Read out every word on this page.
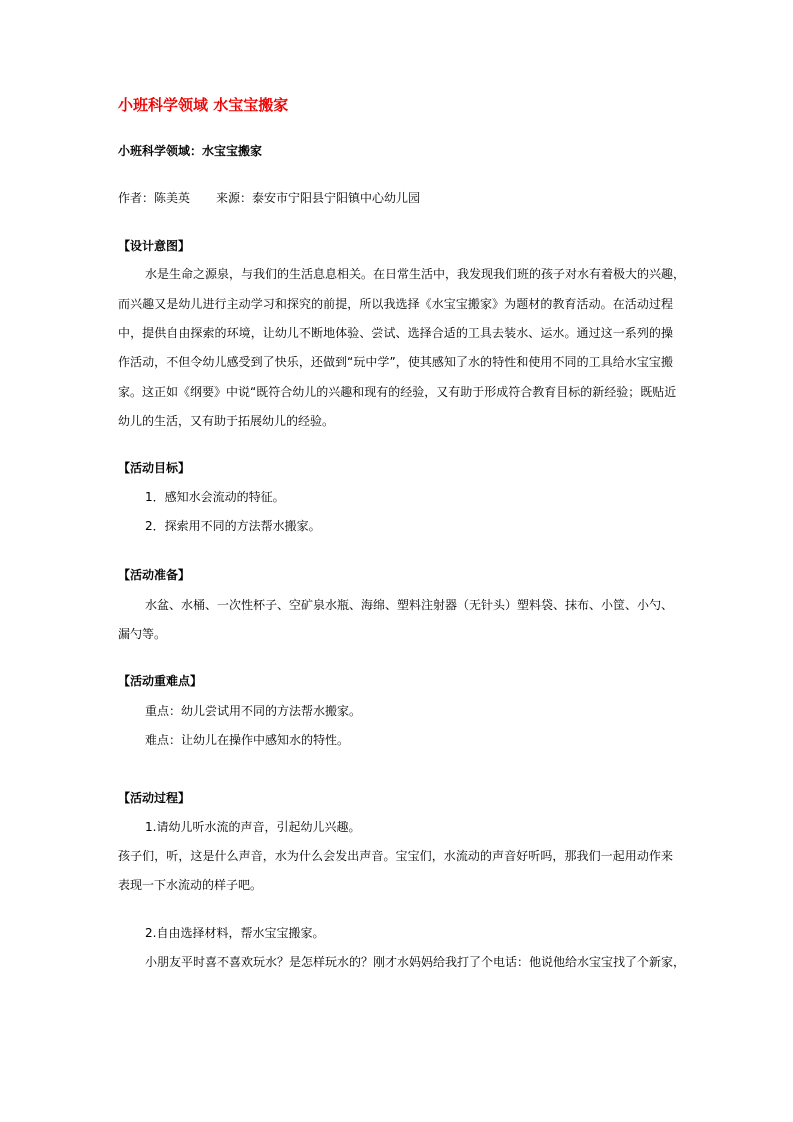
小班科学领域 水宝宝搬家
小班科学领域：水宝宝搬家
作者：陈美英 来源：泰安市宁阳县宁阳镇中心幼儿园
【设计意图】
水是生命之源泉，与我们的生活息息相关。在日常生活中，我发现我们班的孩子对水有着极大的兴趣，
而兴趣又是幼儿进行主动学习和探究的前提，所以我选择《水宝宝搬家》为题材的教育活动。在活动过程
中，提供自由探索的环境，让幼儿不断地体验、尝试、选择合适的工具去装水、运水。通过这一系列的操
作活动，不但令幼儿感受到了快乐，还做到“玩中学”，使其感知了水的特性和使用不同的工具给水宝宝搬
家。这正如《纲要》中说“既符合幼儿的兴趣和现有的经验，又有助于形成符合教育目标的新经验；既贴近
幼儿的生活，又有助于拓展幼儿的经验。
【活动目标】
1．感知水会流动的特征。
2．探索用不同的方法帮水搬家。
【活动准备】
水盆、水桶、一次性杯子、空矿泉水瓶、海绵、塑料注射器（无针头）塑料袋、抹布、小筐、小勺、
漏勺等。
【活动重难点】
重点：幼儿尝试用不同的方法帮水搬家。
难点：让幼儿在操作中感知水的特性。
【活动过程】
1.请幼儿听水流的声音，引起幼儿兴趣。
孩子们，听，这是什么声音，水为什么会发出声音。宝宝们，水流动的声音好听吗，那我们一起用动作来
表现一下水流动的样子吧。
2.自由选择材料，帮水宝宝搬家。
小朋友平时喜不喜欢玩水？是怎样玩水的？刚才水妈妈给我打了个电话：他说他给水宝宝找了个新家，
